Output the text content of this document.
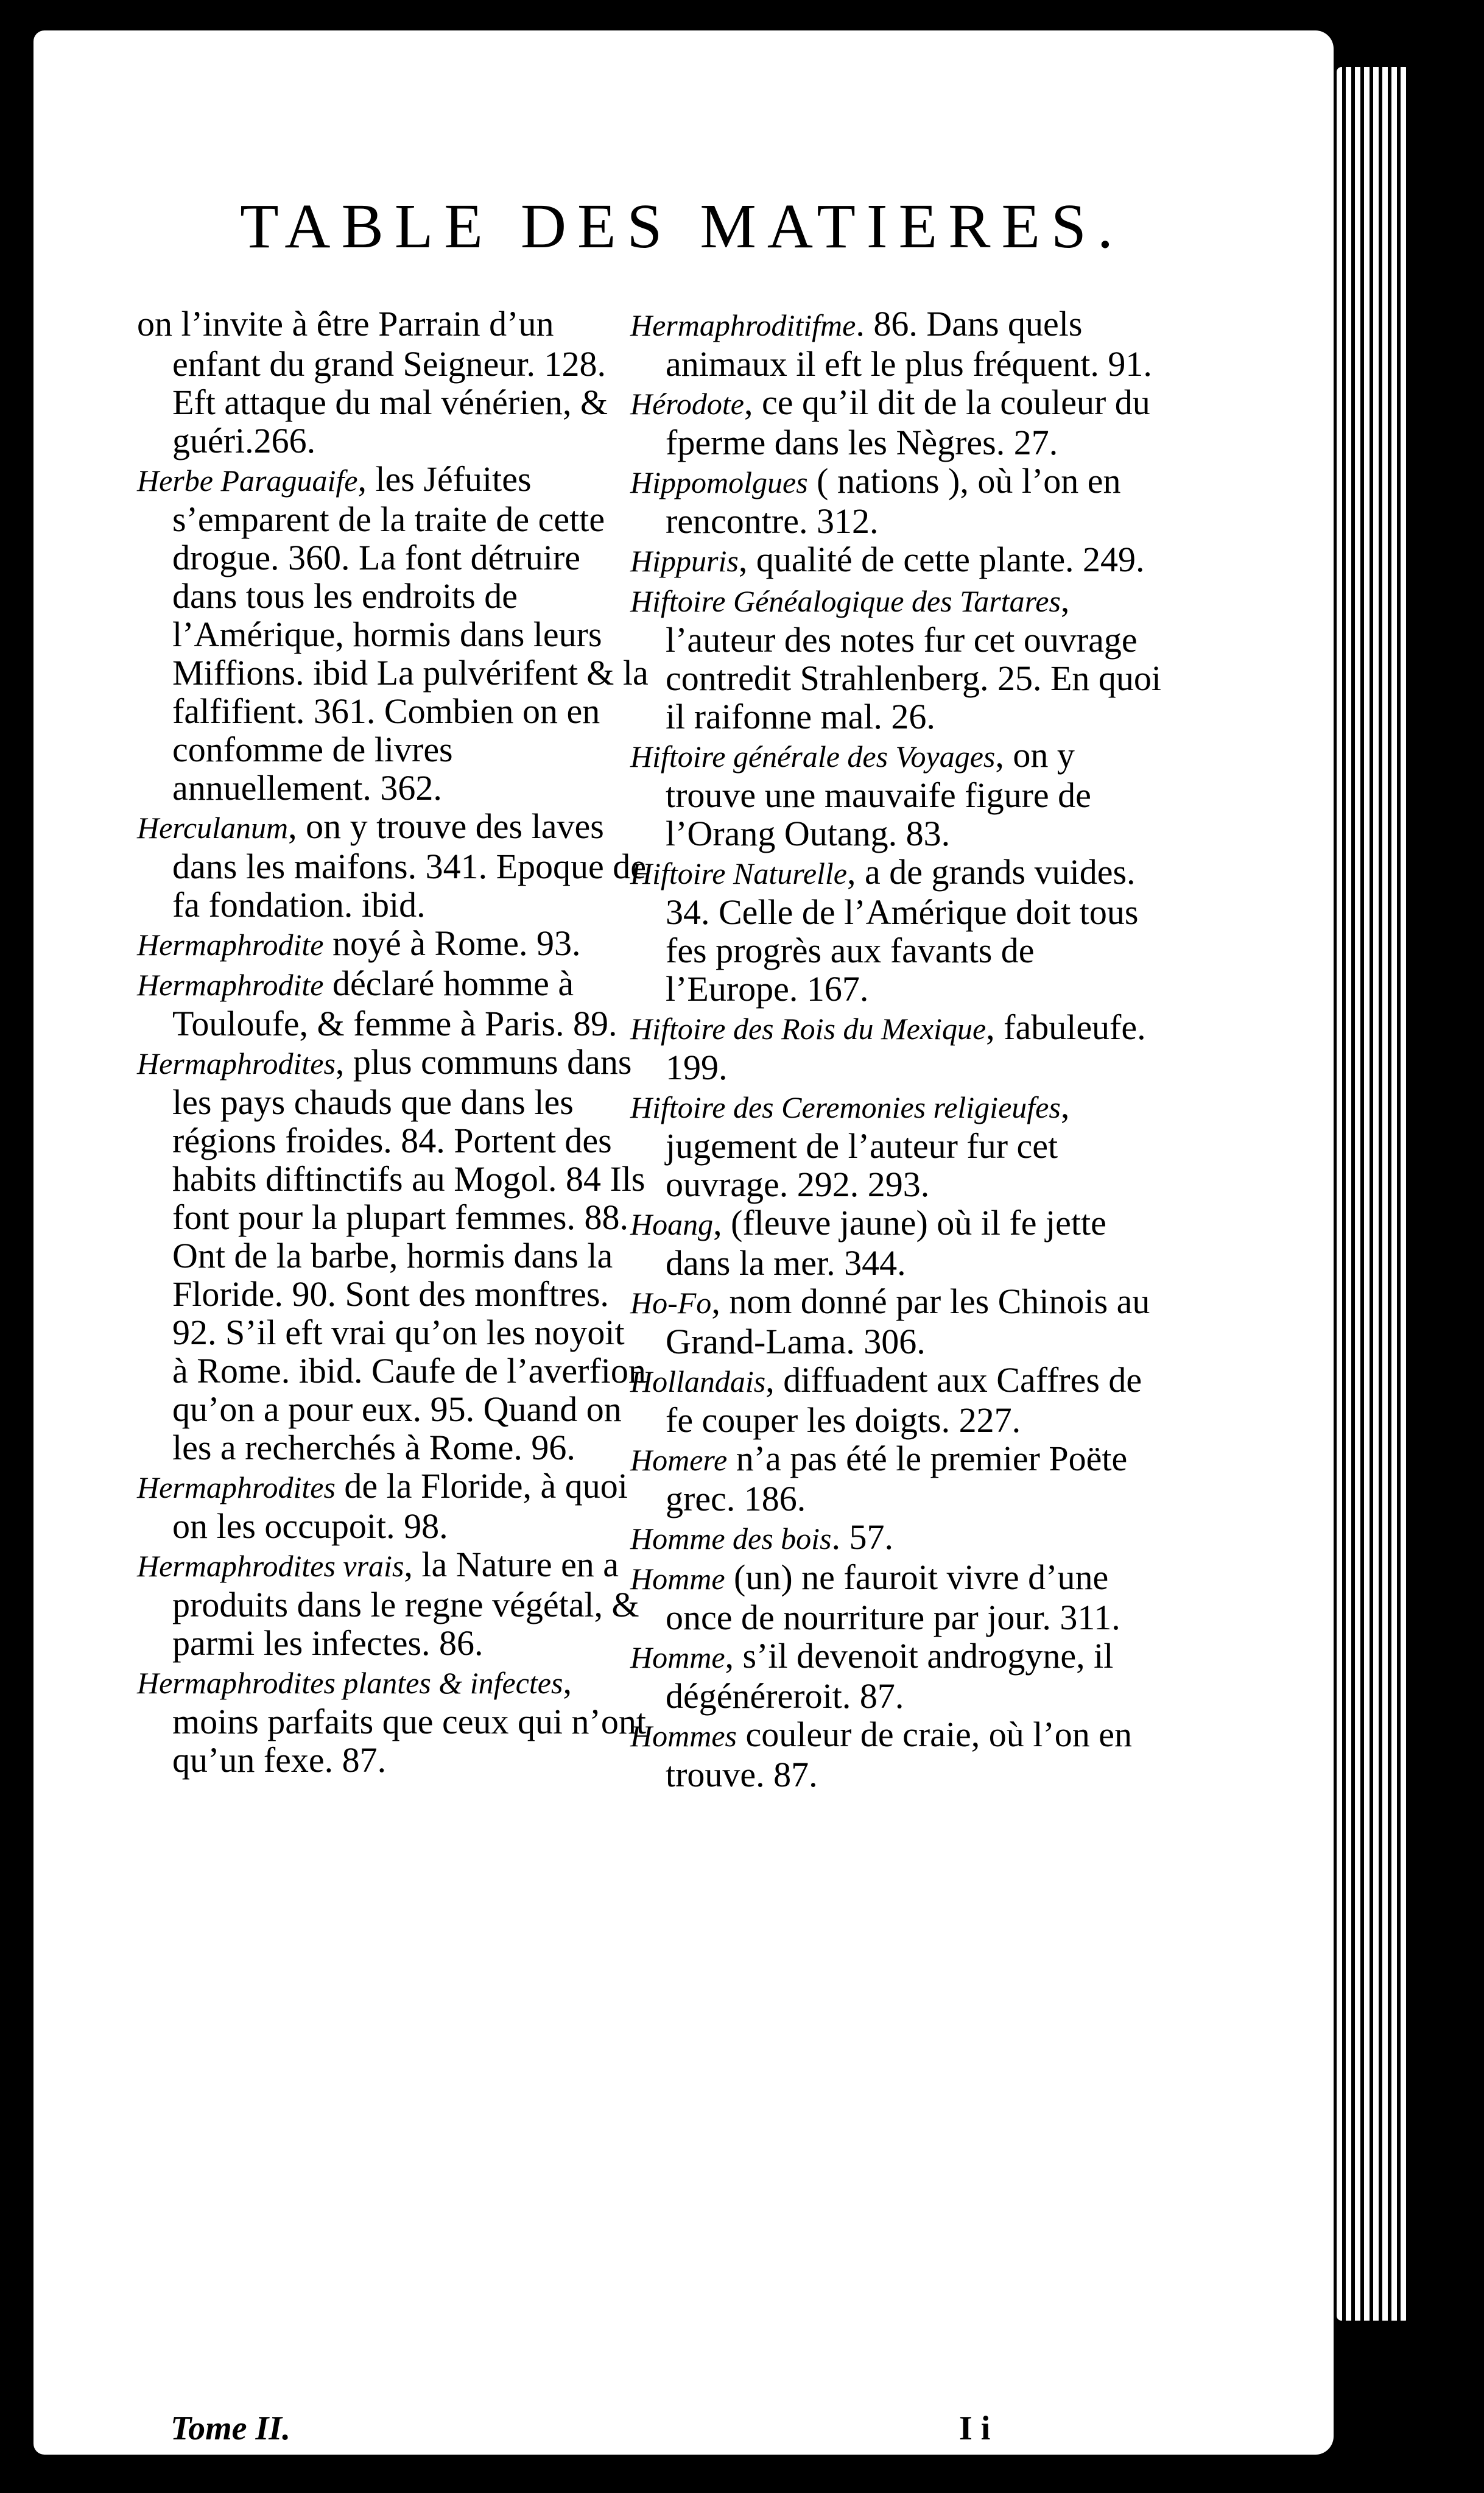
TABLE DES MATIERES.

on l’invite à être Parrain d’un enfant du grand Seigneur. 128. Eft attaque du mal vénérien, & guéri.266.

Herbe Paraguaife, les Jéfuites s’emparent de la traite de cette drogue. 360. La font détruire dans tous les endroits de l’Amérique, hormis dans leurs Miffions. ibid La pulvérifent & la falfifient. 361. Combien on en confomme de livres annuellement. 362.

Herculanum, on y trouve des laves dans les maifons. 341. Epoque de fa fondation. ibid.

Hermaphrodite noyé à Rome. 93.

Hermaphrodite déclaré homme à Touloufe, & femme à Paris. 89.

Hermaphrodites, plus communs dans les pays chauds que dans les régions froides. 84. Portent des habits diftinctifs au Mogol. 84 Ils font pour la plupart femmes. 88. Ont de la barbe, hormis dans la Floride. 90. Sont des monftres. 92. S’il eft vrai qu’on les noyoit à Rome. ibid. Caufe de l’averfion qu’on a pour eux. 95. Quand on les a recherchés à Rome. 96.

Hermaphrodites de la Floride, à quoi on les occupoit. 98.

Hermaphrodites vrais, la Nature en a produits dans le regne végétal, & parmi les infectes. 86.

Hermaphrodites plantes & infectes, moins parfaits que ceux qui n’ont qu’un fexe. 87.

Hermaphroditifme. 86. Dans quels animaux il eft le plus fréquent. 91.

Hérodote, ce qu’il dit de la couleur du fperme dans les Nègres. 27.

Hippomolgues ( nations ), où l’on en rencontre. 312.

Hippuris, qualité de cette plante. 249.

Hiftoire Généalogique des Tartares, l’auteur des notes fur cet ouvrage contredit Strahlenberg. 25. En quoi il raifonne mal. 26.

Hiftoire générale des Voyages, on y trouve une mauvaife figure de l’Orang Outang. 83.

Hiftoire Naturelle, a de grands vuides. 34. Celle de l’Amérique doit tous fes progrès aux favants de l’Europe. 167.

Hiftoire des Rois du Mexique, fabuleufe. 199.

Hiftoire des Ceremonies religieufes, jugement de l’auteur fur cet ouvrage. 292. 293.

Hoang, (fleuve jaune) où il fe jette dans la mer. 344.

Ho-Fo, nom donné par les Chinois au Grand-Lama. 306.

Hollandais, diffuadent aux Caffres de fe couper les doigts. 227.

Homere n’a pas été le premier Poëte grec. 186.

Homme des bois. 57.

Homme (un) ne fauroit vivre d’une once de nourriture par jour. 311.

Homme, s’il devenoit androgyne, il dégénéreroit. 87.

Hommes couleur de craie, où l’on en trouve. 87.

Tome II.	I i
